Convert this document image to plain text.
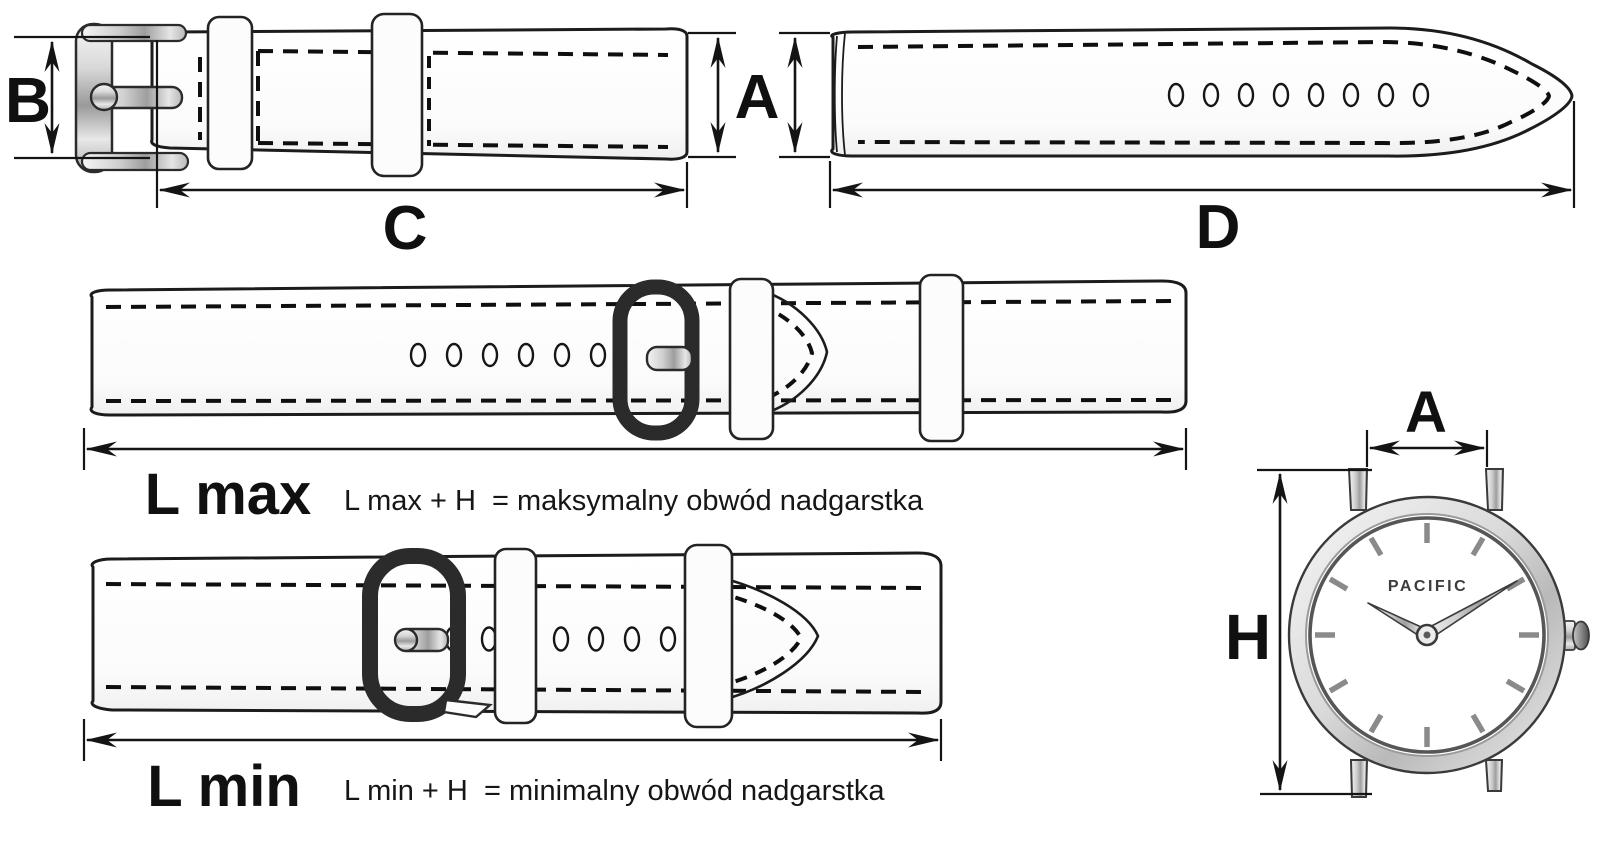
PACIFIC
B	A
C	D
L max L max + H  = maksymalny obwód nadgarstka
L min L min + H  = minimalny obwód nadgarstka
A
H
